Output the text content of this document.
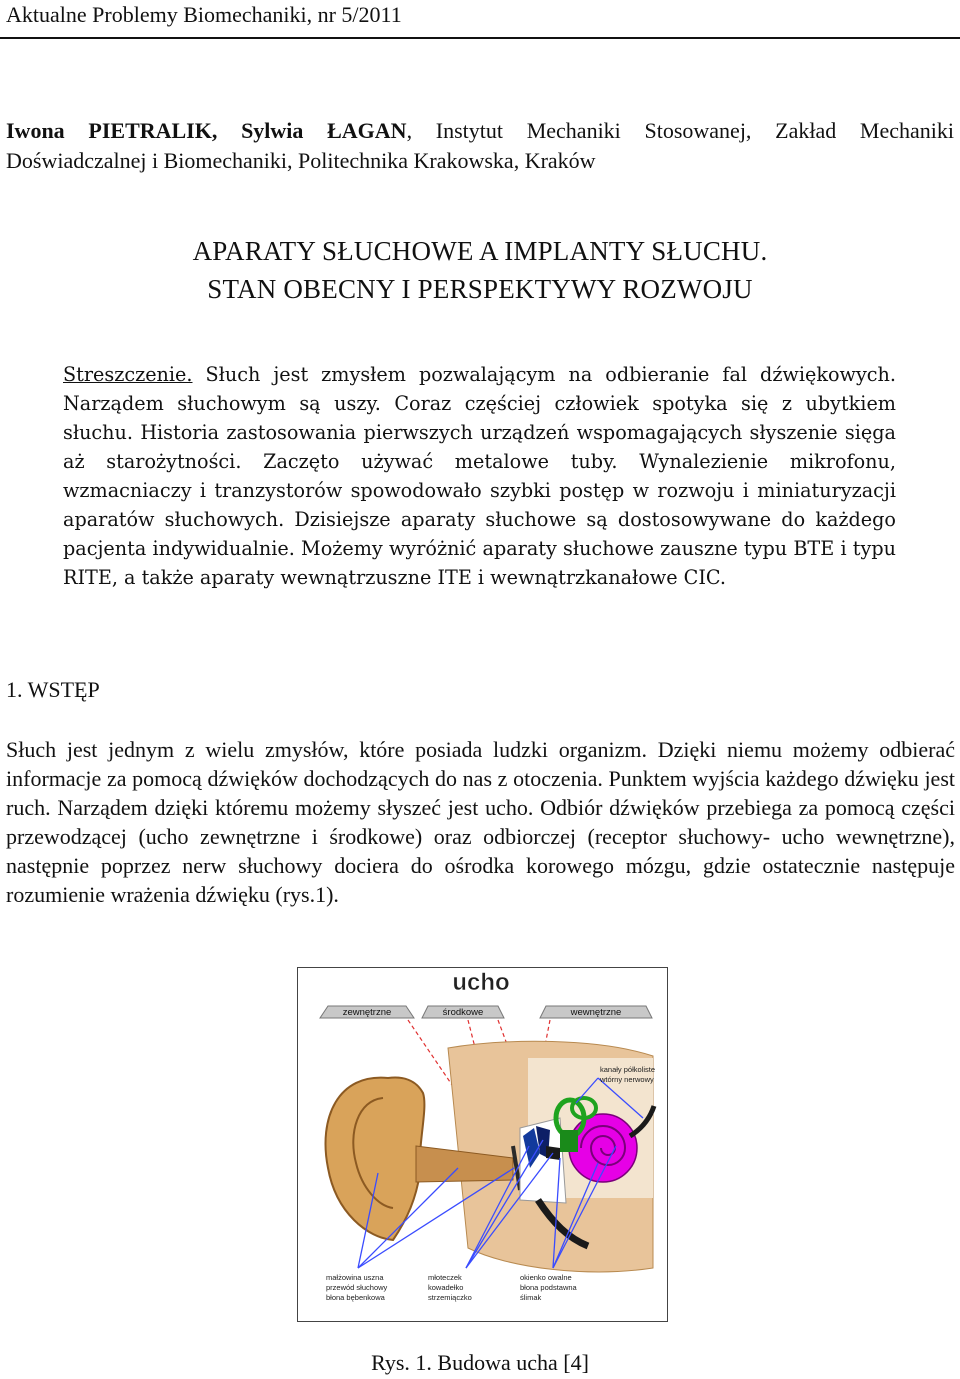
Aktualne Problemy Biomechaniki, nr 5/2011
Iwona PIETRALIK, Sylwia ŁAGAN, Instytut Mechaniki Stosowanej, Zakład Mechaniki Doświadczalnej i Biomechaniki, Politechnika Krakowska, Kraków
APARATY SŁUCHOWE A IMPLANTY SŁUCHU.
STAN OBECNY I PERSPEKTYWY ROZWOJU
Streszczenie. Słuch jest zmysłem pozwalającym na odbieranie fal dźwiękowych. Narządem słuchowym są uszy. Coraz częściej człowiek spotyka się z ubytkiem słuchu. Historia zastosowania pierwszych urządzeń wspomagających słyszenie sięga aż starożytności. Zaczęto używać metalowe tuby. Wynalezienie mikrofonu, wzmacniaczy i tranzystorów spowodowało szybki postęp w rozwoju i miniaturyzacji aparatów słuchowych. Dzisiejsze aparaty słuchowe są dostosowywane do każdego pacjenta indywidualnie. Możemy wyróżnić aparaty słuchowe zauszne typu BTE i typu RITE, a także aparaty wewnątrzuszne ITE i wewnątrzkanałowe CIC.
1. WSTĘP
Słuch jest jednym z wielu zmysłów, które posiada ludzki organizm. Dzięki niemu możemy odbierać informacje za pomocą dźwięków dochodzących do nas z otoczenia. Punktem wyjścia każdego dźwięku jest ruch. Narządem dzięki któremu możemy słyszeć jest ucho. Odbiór dźwięków przebiega za pomocą części przewodzącej (ucho zewnętrzne i środkowe) oraz odbiorczej (receptor słuchowy- ucho wewnętrzne), następnie poprzez nerw słuchowy dociera do ośrodka korowego mózgu, gdzie ostatecznie następuje rozumienie wrażenia dźwięku (rys.1).
ucho
zewnętrzne	środkowe	wewnętrzne
kanały półkoliste
wtórny nerwowy
małżowina uszna
przewód słuchowy
błona bębenkowa
młoteczek
kowadełko
strzemiączko
okienko owalne
błona podstawna
ślimak
Rys. 1. Budowa ucha [4]
